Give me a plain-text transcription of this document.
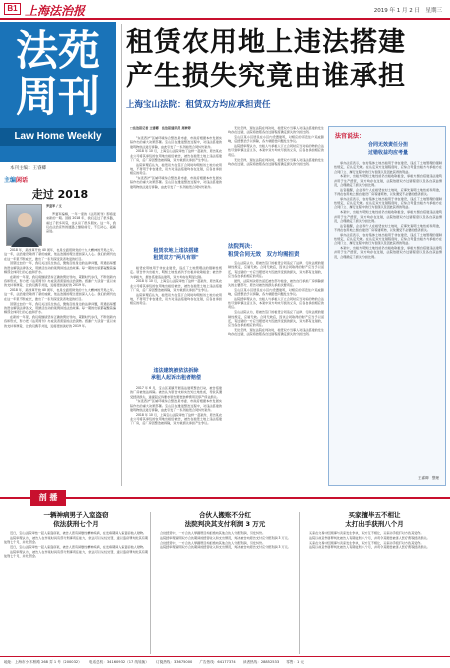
B1 上海法治报	2019 年 1 月 2 日　星期三
法苑
周刊
Law Home Weekly
本刊主编：王睿卿
主编闲话
走过 2018
罗夏军 / 文

罗夏军编辑，一年一度的《法苑周刊》即将迎来新的一期。回顾 2018 年，我们走过了很多路，看过了很多风景，也认识了很多朋友。这一年，我们在法治宣传的道路上继续前行，不忘初心，砥砺奋进。

2018 年，是改革开放 40 周年，也是全面贯彻党的十九大精神的开局之年。这一年，法治建设取得了新的成就，依法治国的理念更加深入人心。我们的周刊也在这一年里不断成长，推出了一系列深受读者欢迎的栏目。

回望过去的一年，我们关注民生热点，聚焦百姓身边的法律问题，用通俗易懂的语言解读法律条文，用鲜活生动的案例讲述法治故事。每一期的出版都凝聚着编辑部全体同仁的心血和汗水。

在新的一年里，我们将继续坚持正确的舆论导向，紧跟时代步伐，不断创新内容和形式，努力把《法苑周刊》办成读者喜爱的法治读物。感谢广大读者一直以来的支持和厚爱，让我们携手共进，迎接更加美好的 2019 年。

2018 年，是改革开放 40 周年，也是全面贯彻党的十九大精神的开局之年。这一年，法治建设取得了新的成就，依法治国的理念更加深入人心。我们的周刊也在这一年里不断成长，推出了一系列深受读者欢迎的栏目。

回望过去的一年，我们关注民生热点，聚焦百姓身边的法律问题，用通俗易懂的语言解读法律条文，用鲜活生动的案例讲述法治故事。每一期的出版都凝聚着编辑部全体同仁的心血和汗水。

在新的一年里，我们将继续坚持正确的舆论导向，紧跟时代步伐，不断创新内容和形式，努力把《法苑周刊》办成读者喜爱的法治读物。感谢广大读者一直以来的支持和厚爱，让我们携手共进，迎接更加美好的 2019 年。

租赁农用地上违法搭建
产生损失究竟由谁承担
上海宝山法院：租赁双方均应承担责任
□法治报记者 王睿卿　法治报通讯员 周梦婷

"东连西沪"区域环境综合整治是市委、市政府根据本市发展实际作出的重大决策部署。宝山区在推进整治过程中，对违法搭建的建筑物依法进行拆除，由此引发了一系列租赁合同纠纷案件。

2018 年 10 月，上海宝山法院审结了这样一起案件，原告某农业公司将其承包的农用地出租给被告，被告在租赁土地上违法搭建了厂房，后厂房因整治被拆除，双方就损失承担产生争议。

法院审理后认为，租赁双方在签订合同时均明知该土地为农用地，不得用于非农建设，双方对违法搭建均存在过错，应各自承担相应的责任。

"东连西沪"区域环境综合整治是市委、市政府根据本市发展实际作出的重大决策部署。宝山区在推进整治过程中，对违法搭建的建筑物依法进行拆除，由此引发了一系列租赁合同纠纷案件。

租赁农地上违法搭建
租赁双方"两凡有罪"

租赁农用地用于非农业建设，违反了土地管理法的强制性规定。原告作为出租方，明知土地性质仍予出租并收取租金；被告作为承租方，擅自搭建违法建筑，双方均存在明显过错。

2018 年 10 月，上海宝山法院审结了这样一起案件，原告某农业公司将其承包的农用地出租给被告，被告在租赁土地上违法搭建了厂房，后厂房因整治被拆除，双方就损失承担产生争议。

法院审理后认为，租赁双方在签订合同时均明知该土地为农用地，不得用于非农建设，双方对违法搭建均存在过错，应各自承担相应的责任。

违法建筑被依法拆除
承租人起诉出租者赔偿

2017 年 6 月，宝山区某镇开展违法建筑整治行动，被告搭建的厂房被依法拆除。被告认为原告未如实告知土地性质，导致其遭受经济损失，遂提起反诉要求原告赔偿装修费用及停产停业损失。

"东连西沪"区域环境综合整治是市委、市政府根据本市发展实际作出的重大决策部署。宝山区在推进整治过程中，对违法搭建的建筑物依法进行拆除，由此引发了一系列租赁合同纠纷案件。

2018 年 10 月，上海宝山法院审结了这样一起案件，原告某农业公司将其承包的农用地出租给被告，被告在租赁土地上违法搭建了厂房，后厂房因整治被拆除，双方就损失承担产生争议。

无论怎样，现在法院在判决时，租赁双方当事人对违法搭建的发生均存在过错，法院将按照各自过错程度确定损失的分担比例。

宝山区某小区居民在小区内设置建筑，对相应的邻近住户造成影响，后经整治予以拆除，各方就赔偿问题发生争议。

法院经审理认为，出租人与承租人订立合同时应当对标的物的合法性尽到审慎注意义务，本案中双方均未尽到该义务，应各自承担相应的责任。

无论怎样，现在法院在判决时，租赁双方当事人对违法搭建的发生均存在过错，法院将按照各自过错程度确定损失的分担比例。

法院判决：
租赁合同无效　双方均需担责

宝山法院认为，原被告签订的租赁合同违反了法律、行政法规的强制性规定，应属无效。合同无效后，因该合同取得的财产应当予以返还，有过错的一方应当赔偿对方因此所受到的损失，双方都有过错的，应当各自承担相应的责任。

最终，法院判决原告返还被告部分租金，被告自行承担厂房拆除损失的主要部分，原告对被告的损失承担次要责任。

宝山区某小区居民在小区内设置建筑，对相应的邻近住户造成影响，后经整治予以拆除，各方就赔偿问题发生争议。

法院经审理认为，出租人与承租人订立合同时应当对标的物的合法性尽到审慎注意义务，本案中双方均未尽到该义务，应各自承担相应的责任。

宝山法院认为，原被告签订的租赁合同违反了法律、行政法规的强制性规定，应属无效。合同无效后，因该合同取得的财产应当予以返还，有过错的一方应当赔偿对方因此所受到的损失，双方都有过错的，应当各自承担相应的责任。

无论怎样，现在法院在判决时，租赁双方当事人对违法搭建的发生均存在过错，法院将按照各自过错程度确定损失的分担比例。

法官说法：
合同无效责任分担
过错收益均应考量

承办法官表示，农村集体土地出租用于非农建设，违反了土地管理的强制性规定，应认定无效。在认定双方过错程度时，应综合考量出租方与承租方在合同订立、履行过程中的行为表现以及因此获得的利益。

本案中，出租方明知土地性质仍出租收取租金，承租方擅自搭建违法建筑并用于生产经营，双方均存在过错，法院依据双方过错程度以及各自获益情况，合理确定了损失分担比例。

法官提醒，企业和个人在租赁农村土地时，应事先查明土地性质和用途，不得在农用地上擅自建设厂房等建筑物，以免遭受不必要的经济损失。

承办法官表示，农村集体土地出租用于非农建设，违反了土地管理的强制性规定，应认定无效。在认定双方过错程度时，应综合考量出租方与承租方在合同订立、履行过程中的行为表现以及因此获得的利益。

本案中，出租方明知土地性质仍出租收取租金，承租方擅自搭建违法建筑并用于生产经营，双方均存在过错，法院依据双方过错程度以及各自获益情况，合理确定了损失分担比例。

法官提醒，企业和个人在租赁农村土地时，应事先查明土地性质和用途，不得在农用地上擅自建设厂房等建筑物，以免遭受不必要的经济损失。

承办法官表示，农村集体土地出租用于非农建设，违反了土地管理的强制性规定，应认定无效。在认定双方过错程度时，应综合考量出租方与承租方在合同订立、履行过程中的行为表现以及因此获得的利益。

本案中，出租方明知土地性质仍出租收取租金，承租方擅自搭建违法建筑并用于生产经营，双方均存在过错，法院依据双方过错程度以及各自获益情况，合理确定了损失分担比例。

王睿卿　整理
剖 播
一辆神病男子入室盗窃
依法获刑七个月

近日，宝山法院审结一起入室盗窃案，被告人患有间歇性精神疾病，在发病期间入室盗窃他人财物。

法院审理认为，被告人在作案时具有部分刑事责任能力，依法可以从轻处罚，遂以盗窃罪判处其有期徒刑七个月，并处罚金。

近日，宝山法院审结一起入室盗窃案，被告人患有间歇性精神疾病，在发病期间入室盗窃他人财物。

法院审理认为，被告人在作案时具有部分刑事责任能力，依法可以从轻处罚，遂以盗窃罪判处其有期徒刑七个月，并处罚金。

合伙人搬账不分红
法院判决其支付利润 3 万元

合伙经营中，一方合伙人掌握账目却拒绝向其他合伙人分配利润，引发纠纷。

法院经审理查明双方合伙期间的经营收入和支出情况，判决被告向原告支付应分配利润 3 万元。

合伙经营中，一方合伙人掌握账目却拒绝向其他合伙人分配利润，引发纠纷。

法院经审理查明双方合伙期间的经营收入和支出情况，判决被告向原告支付应分配利润 3 万元。

买家擅毕五不相让
太打出手获刑八个月

买家在交易中因琐事与卖家发生争执，双方互不相让，买家动手殴打对方致其受伤。

法院以故意伤害罪判处被告人有期徒刑八个月，并责令其赔偿被害人医疗费等经济损失。

买家在交易中因琐事与卖家发生争执，双方互不相让，买家动手殴打对方致其受伤。

法院以故意伤害罪判处被告人有期徒刑八个月，并责令其赔偿被害人医疗费等经济损失。

地址：上海市小木桥路 268 弄 1 号（200032） 电话总机：34160932（17 线转换） 订阅热线：33675000 广告热线：64177374 读者热线：28852533 零售：1 元
